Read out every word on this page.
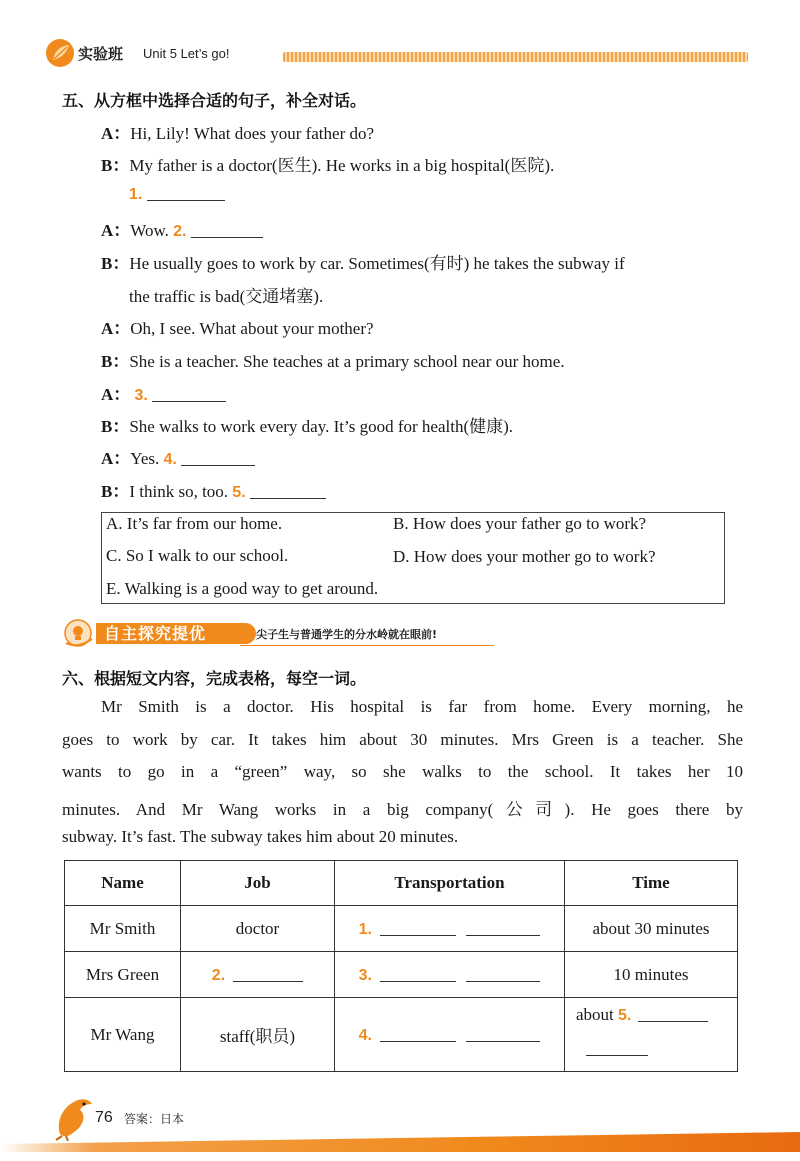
实验班 Unit 5 Let’s go!
五、从方框中选择合适的句子，补全对话。
A：Hi, Lily! What does your father do?
B：My father is a doctor(医生). He works in a big hospital(医院).
1.
A：Wow. 2.
B：He usually goes to work by car. Sometimes(有时) he takes the subway if
the traffic is bad(交通堵塞).
A：Oh, I see. What about your mother?
B：She is a teacher. She teaches at a primary school near our home.
A： 3.
B：She walks to work every day. It’s good for health(健康).
A：Yes. 4.
B：I think so, too. 5.
A. It’s far from our home.	B. How does your father go to work?
C. So I walk to our school.	D. How does your mother go to work?
E. Walking is a good way to get around.
自主探究提优	尖子生与普通学生的分水岭就在眼前!
六、根据短文内容，完成表格，每空一词。
Mr Smith is a doctor. His hospital is far from home. Every morning, he
goes to work by car. It takes him about 30 minutes. Mrs Green is a teacher. She
wants to go in a “green” way, so she walks to the school. It takes her 10
minutes. And Mr Wang works in a big company(公司). He goes there by
subway. It’s fast. The subway takes him about 20 minutes.
Name	Job	Transportation	Time
Mr Smith	doctor	1.	about 30 minutes
Mrs Green	2.	3.	10 minutes
Mr Wang	staff(职员)	4.	about 5.
76 答案：日本
